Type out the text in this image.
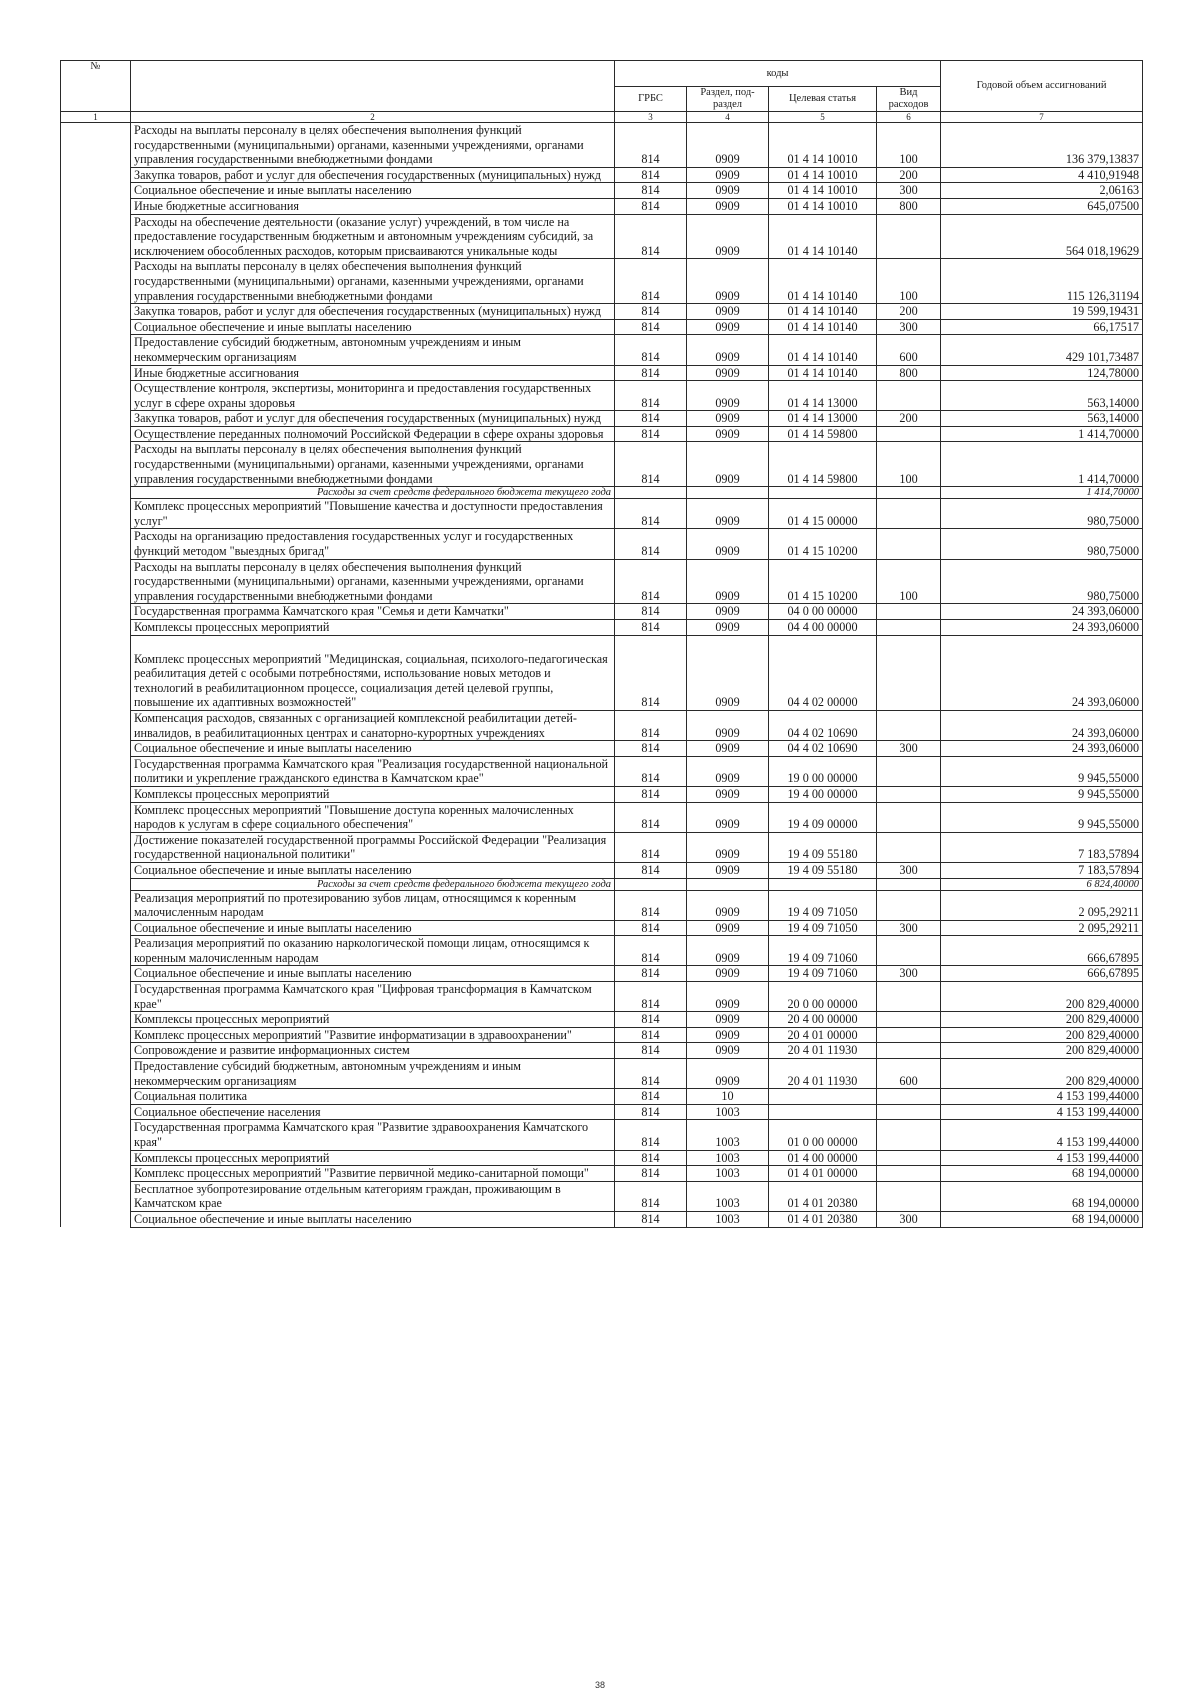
№		коды				Годовой объем ассигнований
		ГРБС	Раздел, под-раздел	Целевая статья	Вид расходов	
1	2	3	4	5	6	7
	Расходы на выплаты персоналу в целях обеспечения выполнения функций государственными (муниципальными) органами, казенными учреждениями, органами управления государственными внебюджетными фондами	814	0909	01 4 14 10010	100	136 379,13837
	Закупка товаров, работ и услуг для обеспечения государственных (муниципальных) нужд	814	0909	01 4 14 10010	200	4 410,91948
	Социальное обеспечение и иные выплаты населению	814	0909	01 4 14 10010	300	2,06163
	Иные бюджетные ассигнования	814	0909	01 4 14 10010	800	645,07500
	Расходы на обеспечение деятельности (оказание услуг) учреждений, в том числе на предоставление государственным бюджетным и автономным учреждениям субсидий, за исключением обособленных расходов, которым присваиваются уникальные коды	814	0909	01 4 14 10140		564 018,19629
	Расходы на выплаты персоналу в целях обеспечения выполнения функций государственными (муниципальными) органами, казенными учреждениями, органами управления государственными внебюджетными фондами	814	0909	01 4 14 10140	100	115 126,31194
	Закупка товаров, работ и услуг для обеспечения государственных (муниципальных) нужд	814	0909	01 4 14 10140	200	19 599,19431
	Социальное обеспечение и иные выплаты населению	814	0909	01 4 14 10140	300	66,17517
	Предоставление субсидий бюджетным, автономным учреждениям и иным некоммерческим организациям	814	0909	01 4 14 10140	600	429 101,73487
	Иные бюджетные ассигнования	814	0909	01 4 14 10140	800	124,78000
	Осуществление контроля, экспертизы, мониторинга и предоставления государственных услуг в сфере охраны здоровья	814	0909	01 4 14 13000		563,14000
	Закупка товаров, работ и услуг для обеспечения государственных (муниципальных) нужд	814	0909	01 4 14 13000	200	563,14000
	Осуществление переданных полномочий Российской Федерации в сфере охраны здоровья	814	0909	01 4 14 59800		1 414,70000
	Расходы на выплаты персоналу в целях обеспечения выполнения функций государственными (муниципальными) органами, казенными учреждениями, органами управления государственными внебюджетными фондами	814	0909	01 4 14 59800	100	1 414,70000
	Расходы за счет средств федерального бюджета текущего года					1 414,70000
	Комплекс процессных мероприятий "Повышение качества и доступности предоставления услуг"	814	0909	01 4 15 00000		980,75000
	Расходы на организацию предоставления государственных услуг и государственных функций методом "выездных бригад"	814	0909	01 4 15 10200		980,75000
	Расходы на выплаты персоналу в целях обеспечения выполнения функций государственными (муниципальными) органами, казенными учреждениями, органами управления государственными внебюджетными фондами	814	0909	01 4 15 10200	100	980,75000
	Государственная программа Камчатского края "Семья и дети Камчатки"	814	0909	04 0 00 00000		24 393,06000
	Комплексы процессных мероприятий	814	0909	04 4 00 00000		24 393,06000
	Комплекс процессных мероприятий "Медицинская, социальная, психолого-педагогическая реабилитация детей с особыми потребностями, использование новых методов и технологий в реабилитационном процессе, социализация детей целевой группы, повышение их адаптивных возможностей"	814	0909	04 4 02 00000		24 393,06000
	Компенсация расходов, связанных с организацией комплексной реабилитации детей-инвалидов, в реабилитационных центрах и санаторно-курортных учреждениях	814	0909	04 4 02 10690		24 393,06000
	Социальное обеспечение и иные выплаты населению	814	0909	04 4 02 10690	300	24 393,06000
	Государственная программа Камчатского края "Реализация государственной национальной политики и укрепление гражданского единства в Камчатском крае"	814	0909	19 0 00 00000		9 945,55000
	Комплексы процессных мероприятий	814	0909	19 4 00 00000		9 945,55000
	Комплекс процессных мероприятий "Повышение доступа коренных малочисленных народов к услугам в сфере социального обеспечения"	814	0909	19 4 09 00000		9 945,55000
	Достижение показателей государственной программы Российской Федерации "Реализация государственной национальной политики"	814	0909	19 4 09 55180		7 183,57894
	Социальное обеспечение и иные выплаты населению	814	0909	19 4 09 55180	300	7 183,57894
	Расходы за счет средств федерального бюджета текущего года					6 824,40000
	Реализация мероприятий по протезированию зубов лицам, относящимся к коренным малочисленным народам	814	0909	19 4 09 71050		2 095,29211
	Социальное обеспечение и иные выплаты населению	814	0909	19 4 09 71050	300	2 095,29211
	Реализация мероприятий по оказанию наркологической помощи лицам, относящимся к коренным малочисленным народам	814	0909	19 4 09 71060		666,67895
	Социальное обеспечение и иные выплаты населению	814	0909	19 4 09 71060	300	666,67895
	Государственная программа Камчатского края "Цифровая трансформация в Камчатском крае"	814	0909	20 0 00 00000		200 829,40000
	Комплексы процессных мероприятий	814	0909	20 4 00 00000		200 829,40000
	Комплекс процессных мероприятий "Развитие информатизации в здравоохранении"	814	0909	20 4 01 00000		200 829,40000
	Сопровождение и развитие информационных систем	814	0909	20 4 01 11930		200 829,40000
	Предоставление субсидий бюджетным, автономным учреждениям и иным некоммерческим организациям	814	0909	20 4 01 11930	600	200 829,40000
	Социальная политика	814	10			4 153 199,44000
	Социальное обеспечение населения	814	1003			4 153 199,44000
	Государственная программа Камчатского края "Развитие здравоохранения Камчатского края"	814	1003	01 0 00 00000		4 153 199,44000
	Комплексы процессных мероприятий	814	1003	01 4 00 00000		4 153 199,44000
	Комплекс процессных мероприятий "Развитие первичной медико-санитарной помощи"	814	1003	01 4 01 00000		68 194,00000
	Бесплатное зубопротезирование отдельным категориям граждан, проживающим в Камчатском крае	814	1003	01 4 01 20380		68 194,00000
	Социальное обеспечение и иные выплаты населению	814	1003	01 4 01 20380	300	68 194,00000
38
